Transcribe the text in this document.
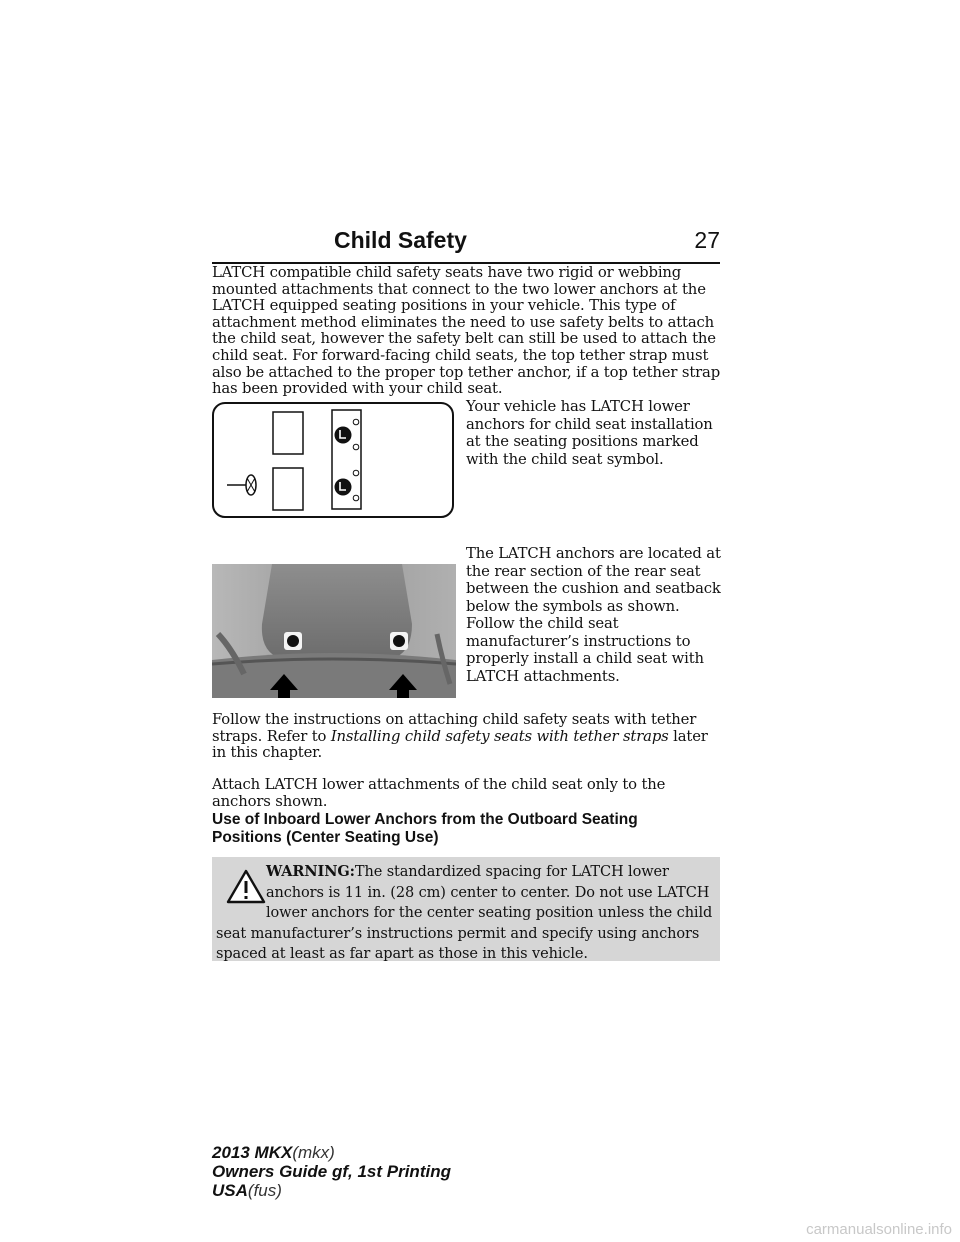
Child Safety	27

LATCH compatible child safety seats have two rigid or webbing mounted attachments that connect to the two lower anchors at the LATCH equipped seating positions in your vehicle. This type of attachment method eliminates the need to use safety belts to attach the child seat, however the safety belt can still be used to attach the child seat. For forward-facing child seats, the top tether strap must also be attached to the proper top tether anchor, if a top tether strap has been provided with your child seat.

Your vehicle has LATCH lower anchors for child seat installation at the seating positions marked with the child seat symbol.

The LATCH anchors are located at the rear section of the rear seat between the cushion and seatback below the symbols as shown. Follow the child seat manufacturer’s instructions to properly install a child seat with LATCH attachments.

Follow the instructions on attaching child safety seats with tether straps. Refer to Installing child safety seats with tether straps later in this chapter.

Attach LATCH lower attachments of the child seat only to the anchors shown.

Use of Inboard Lower Anchors from the Outboard Seating Positions (Center Seating Use)

WARNING:The standardized spacing for LATCH lower anchors is 11 in. (28 cm) center to center. Do not use LATCH lower anchors for the center seating position unless the child seat manufacturer’s instructions permit and specify using anchors spaced at least as far apart as those in this vehicle.

2013 MKX(mkx)
Owners Guide gf, 1st Printing
USA(fus)
carmanualsonline.info
